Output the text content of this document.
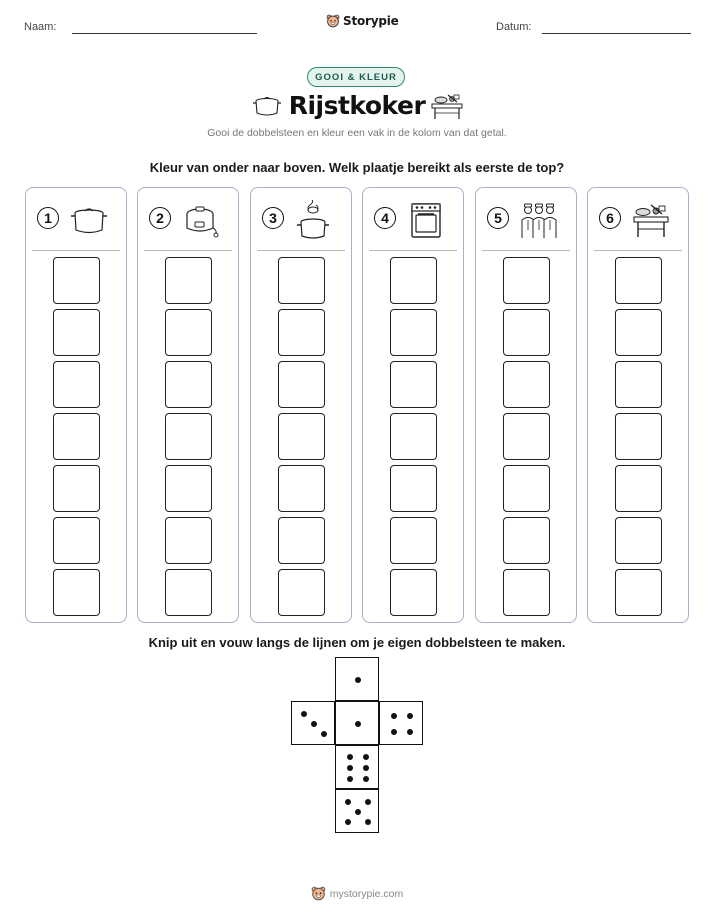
Naam:	Storypie	Datum:
GOOI & KLEUR
Rijstkoker
Gooi de dobbelsteen en kleur een vak in de kolom van dat getal.
Kleur van onder naar boven. Welk plaatje bereikt als eerste de top?
1	2	3	4	5	6
Knip uit en vouw langs de lijnen om je eigen dobbelsteen te maken.
mystorypie.com
